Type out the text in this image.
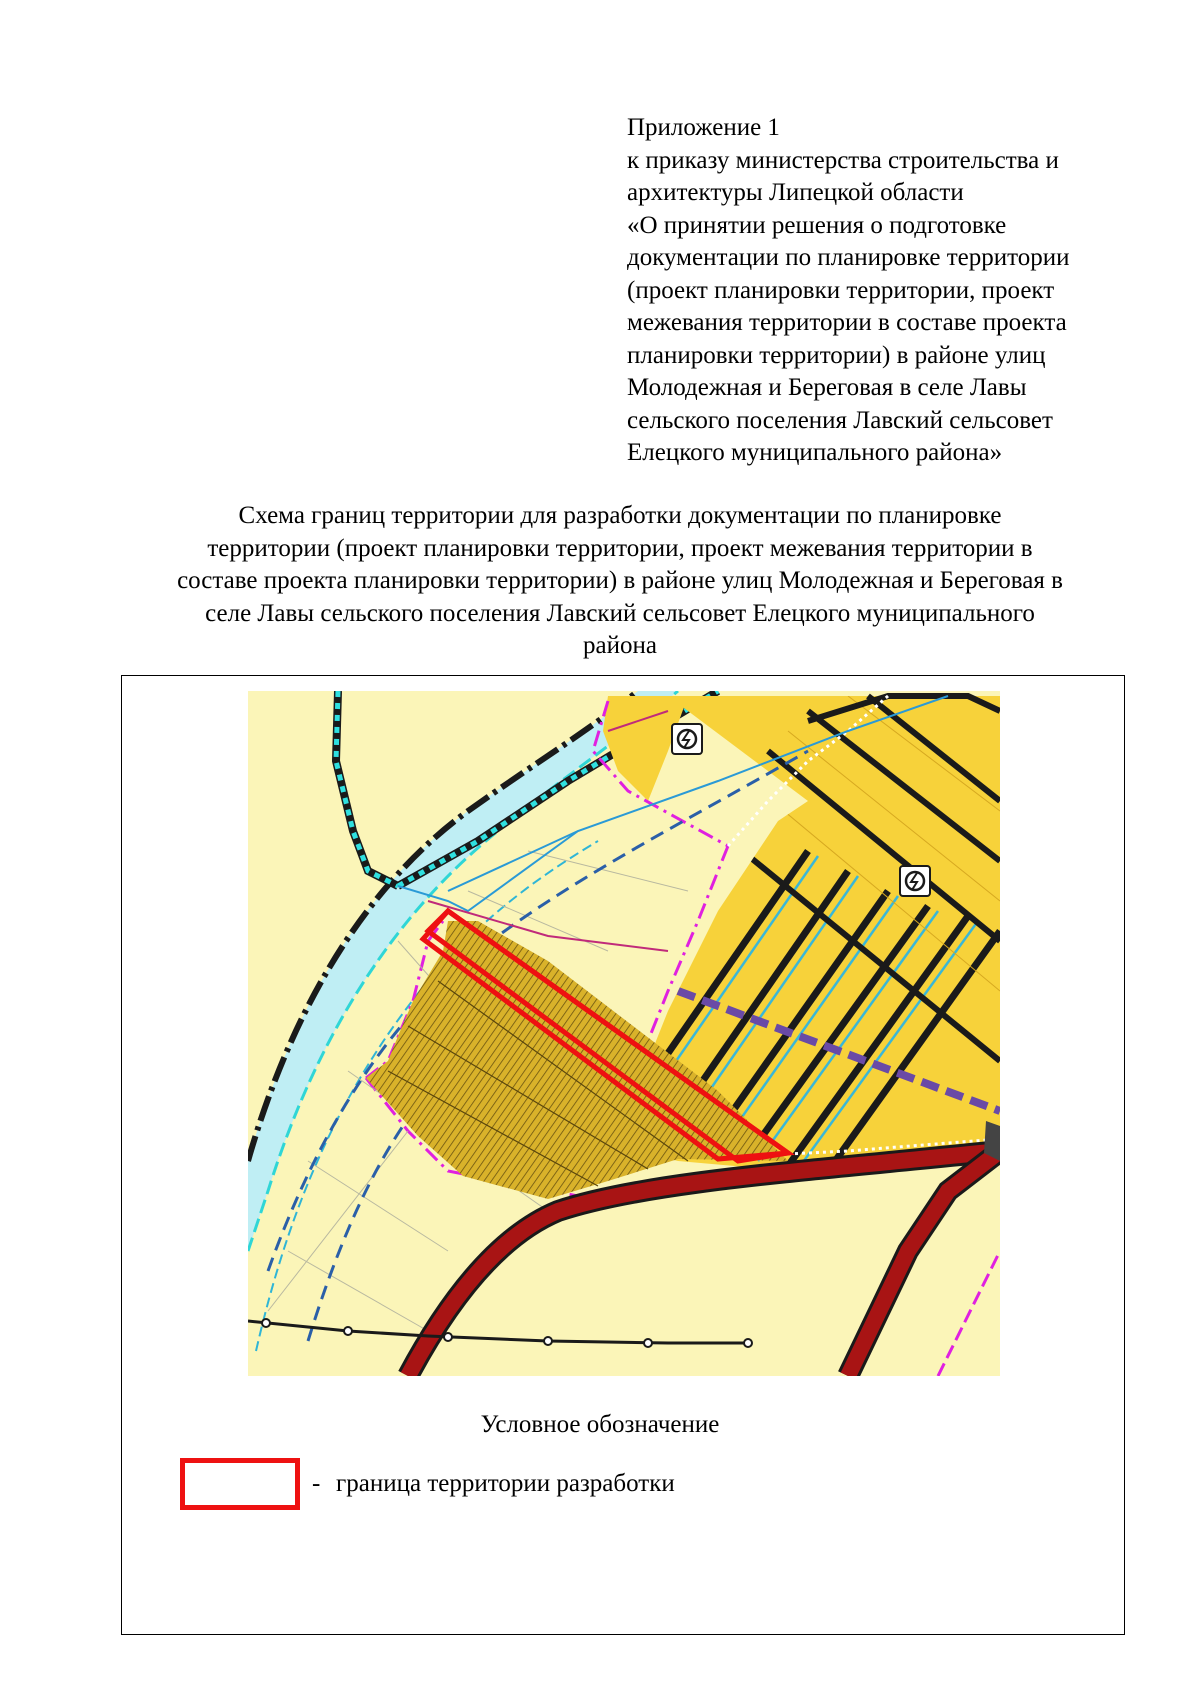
Приложение 1
к приказу министерства строительства и
архитектуры Липецкой области
«О принятии решения о подготовке
документации по планировке территории
(проект планировки территории, проект
межевания территории в составе проекта
планировки территории) в районе улиц
Молодежная и Береговая в селе Лавы
сельского поселения Лавский сельсовет
Елецкого муниципального района»
Схема границ территории для разработки документации по планировке
территории (проект планировки территории, проект межевания территории в
составе проекта планировки территории) в районе улиц Молодежная и Береговая в
селе Лавы сельского поселения Лавский сельсовет Елецкого муниципального
района
Условное обозначение
- граница территории разработки
